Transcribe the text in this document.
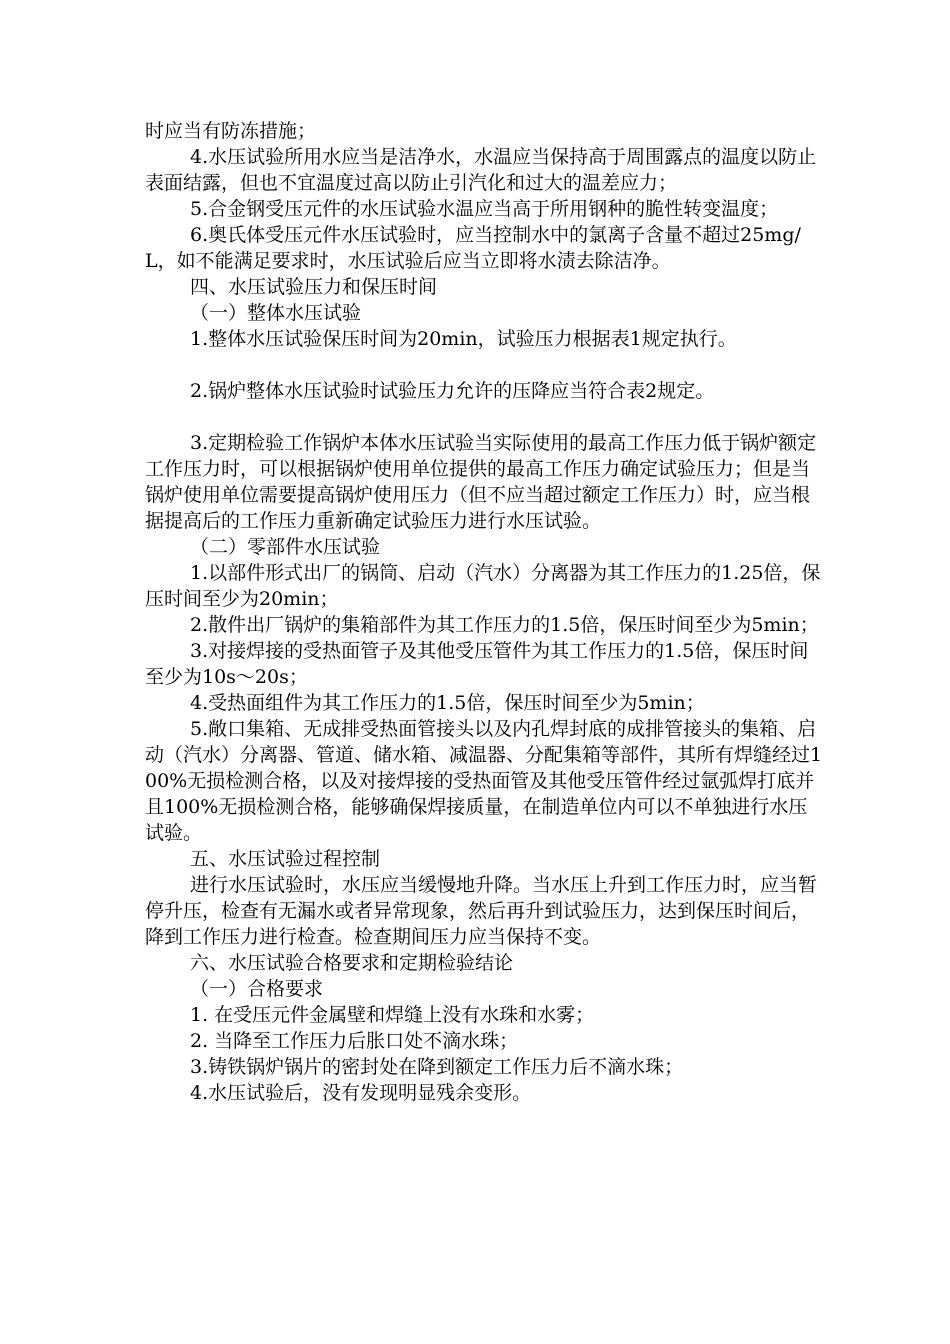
时应当有防冻措施；

4.水压试验所用水应当是洁净水，水温应当保持高于周围露点的温度以防止表面结露，但也不宜温度过高以防止引汽化和过大的温差应力；

5.合金钢受压元件的水压试验水温应当高于所用钢种的脆性转变温度；

6.奥氏体受压元件水压试验时，应当控制水中的氯离子含量不超过25mg/L，如不能满足要求时，水压试验后应当立即将水渍去除洁净。

四、水压试验压力和保压时间

（一）整体水压试验

1.整体水压试验保压时间为20min，试验压力根据表1规定执行。

2.锅炉整体水压试验时试验压力允许的压降应当符合表2规定。

3.定期检验工作锅炉本体水压试验当实际使用的最高工作压力低于锅炉额定工作压力时，可以根据锅炉使用单位提供的最高工作压力确定试验压力；但是当锅炉使用单位需要提高锅炉使用压力（但不应当超过额定工作压力）时，应当根据提高后的工作压力重新确定试验压力进行水压试验。

（二）零部件水压试验

1.以部件形式出厂的锅筒、启动（汽水）分离器为其工作压力的1.25倍，保压时间至少为20min；

2.散件出厂锅炉的集箱部件为其工作压力的1.5倍，保压时间至少为5min；

3.对接焊接的受热面管子及其他受压管件为其工作压力的1.5倍，保压时间至少为10s～20s；

4.受热面组件为其工作压力的1.5倍，保压时间至少为5min；

5.敞口集箱、无成排受热面管接头以及内孔焊封底的成排管接头的集箱、启动（汽水）分离器、管道、储水箱、减温器、分配集箱等部件，其所有焊缝经过100%无损检测合格，以及对接焊接的受热面管及其他受压管件经过氩弧焊打底并且100%无损检测合格，能够确保焊接质量，在制造单位内可以不单独进行水压试验。

五、水压试验过程控制

进行水压试验时，水压应当缓慢地升降。当水压上升到工作压力时，应当暂停升压，检查有无漏水或者异常现象，然后再升到试验压力，达到保压时间后，降到工作压力进行检查。检查期间压力应当保持不变。

六、水压试验合格要求和定期检验结论

（一）合格要求

1. 在受压元件金属壁和焊缝上没有水珠和水雾；

2. 当降至工作压力后胀口处不滴水珠；

3.铸铁锅炉锅片的密封处在降到额定工作压力后不滴水珠；

4.水压试验后，没有发现明显残余变形。
